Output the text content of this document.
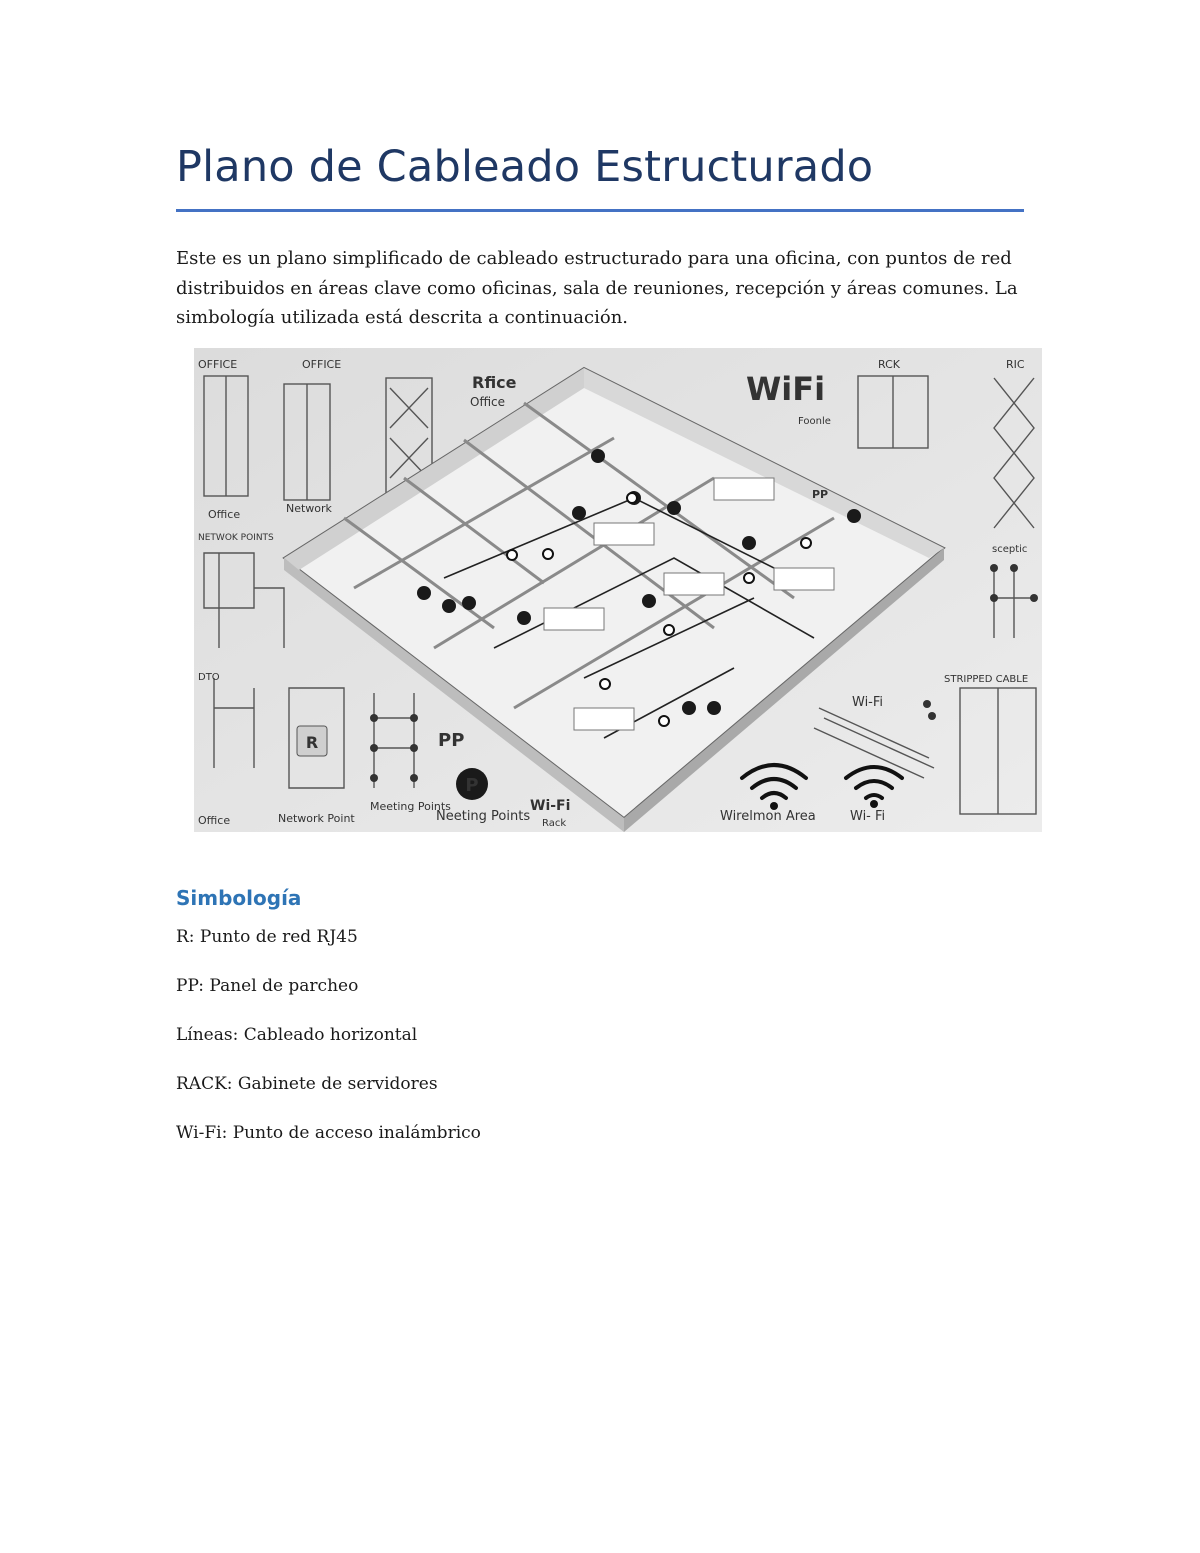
Plano de Cableado Estructurado

Este es un plano simplificado de cableado estructurado para una oficina, con puntos de red distribuidos en áreas clave como oficinas, sala de reuniones, recepción y áreas comunes. La simbología utilizada está descrita a continuación.

R
OFFICE	OFFICE
Office	Network
NETWOK POINTS
DTO
Office	Network Point
Meeting Points
Rfice
Office	WiFi
Foonle
PP
RCK	RIC
sceptic
STRIPPED CABLE
Wi-Fi
PP
P
Neeting Points
Wi-Fi
Rack	Wirelmon Area	Wi- Fi
Simbología
R: Punto de red RJ45
PP: Panel de parcheo
Líneas: Cableado horizontal
RACK: Gabinete de servidores
Wi-Fi: Punto de acceso inalámbrico
